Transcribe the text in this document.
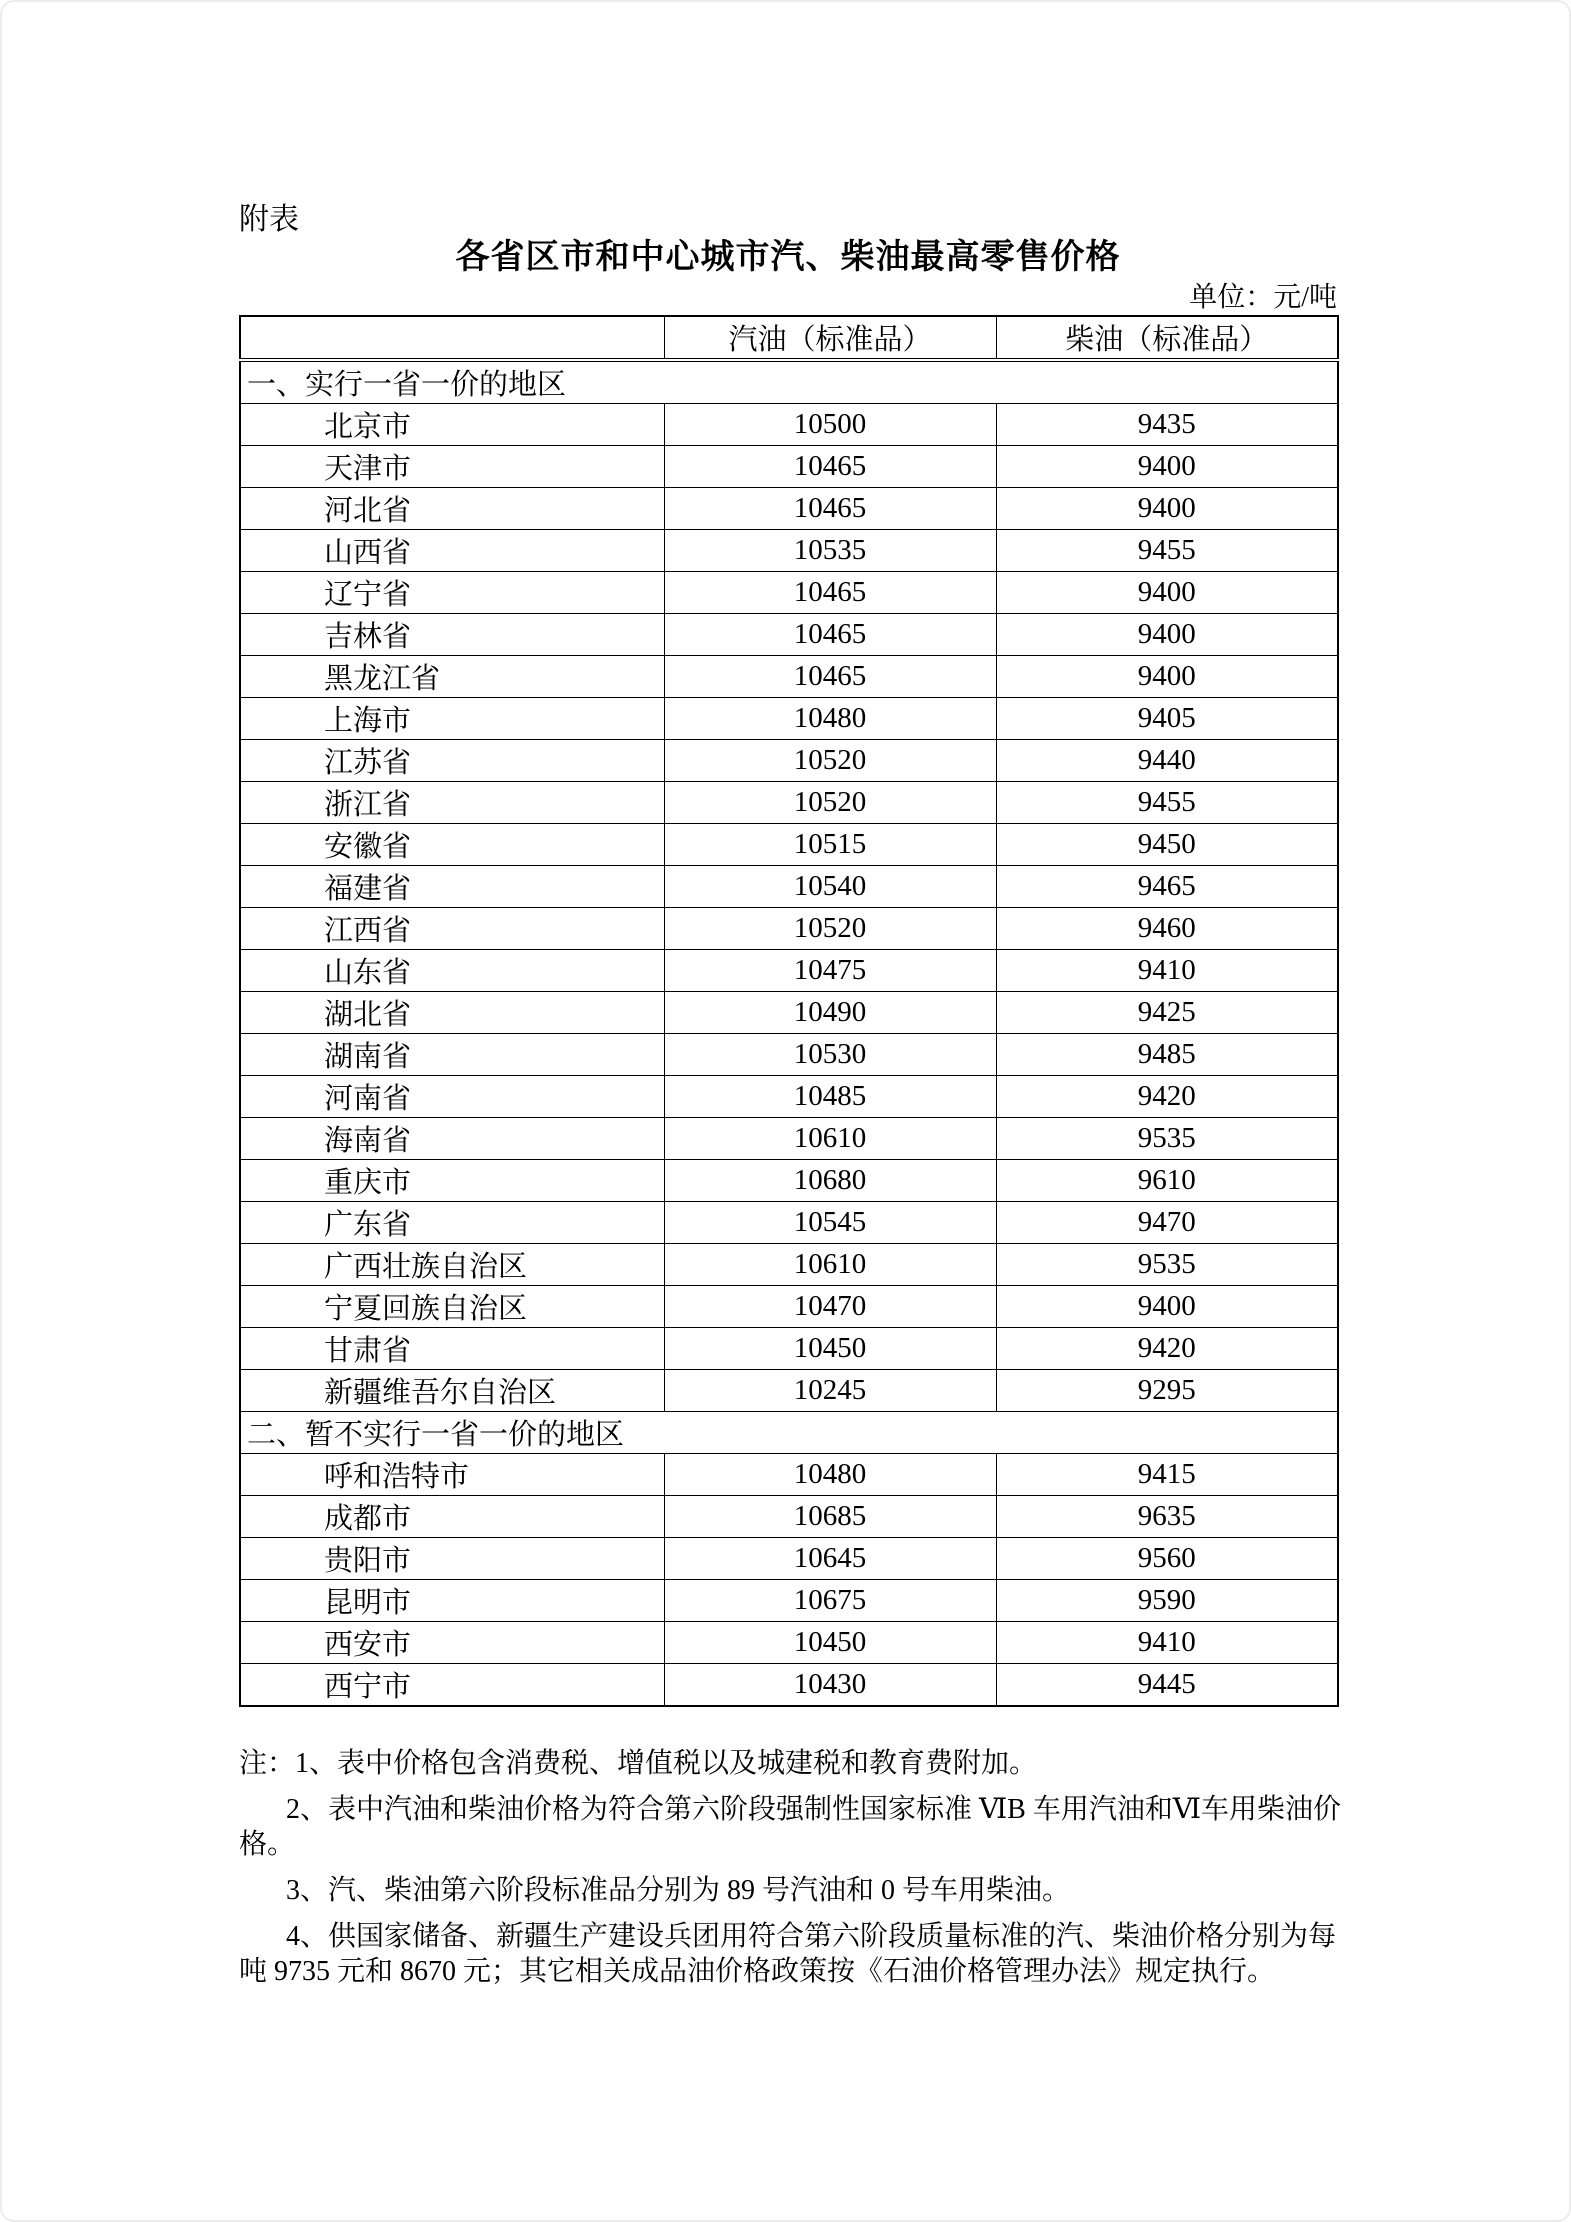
附表
各省区市和中心城市汽、柴油最高零售价格
单位：元/吨
	汽油（标准品）	柴油（标准品）
一、实行一省一价的地区		
北京市	10500	9435
天津市	10465	9400
河北省	10465	9400
山西省	10535	9455
辽宁省	10465	9400
吉林省	10465	9400
黑龙江省	10465	9400
上海市	10480	9405
江苏省	10520	9440
浙江省	10520	9455
安徽省	10515	9450
福建省	10540	9465
江西省	10520	9460
山东省	10475	9410
湖北省	10490	9425
湖南省	10530	9485
河南省	10485	9420
海南省	10610	9535
重庆市	10680	9610
广东省	10545	9470
广西壮族自治区	10610	9535
宁夏回族自治区	10470	9400
甘肃省	10450	9420
新疆维吾尔自治区	10245	9295
二、暂不实行一省一价的地区		
呼和浩特市	10480	9415
成都市	10685	9635
贵阳市	10645	9560
昆明市	10675	9590
西安市	10450	9410
西宁市	10430	9445
注：1、表中价格包含消费税、增值税以及城建税和教育费附加。
2、表中汽油和柴油价格为符合第六阶段强制性国家标准 ⅥB 车用汽油和Ⅵ车用柴油价
格。
3、汽、柴油第六阶段标准品分别为 89 号汽油和 0 号车用柴油。
4、供国家储备、新疆生产建设兵团用符合第六阶段质量标准的汽、柴油价格分别为每
吨 9735 元和 8670 元；其它相关成品油价格政策按《石油价格管理办法》规定执行。
